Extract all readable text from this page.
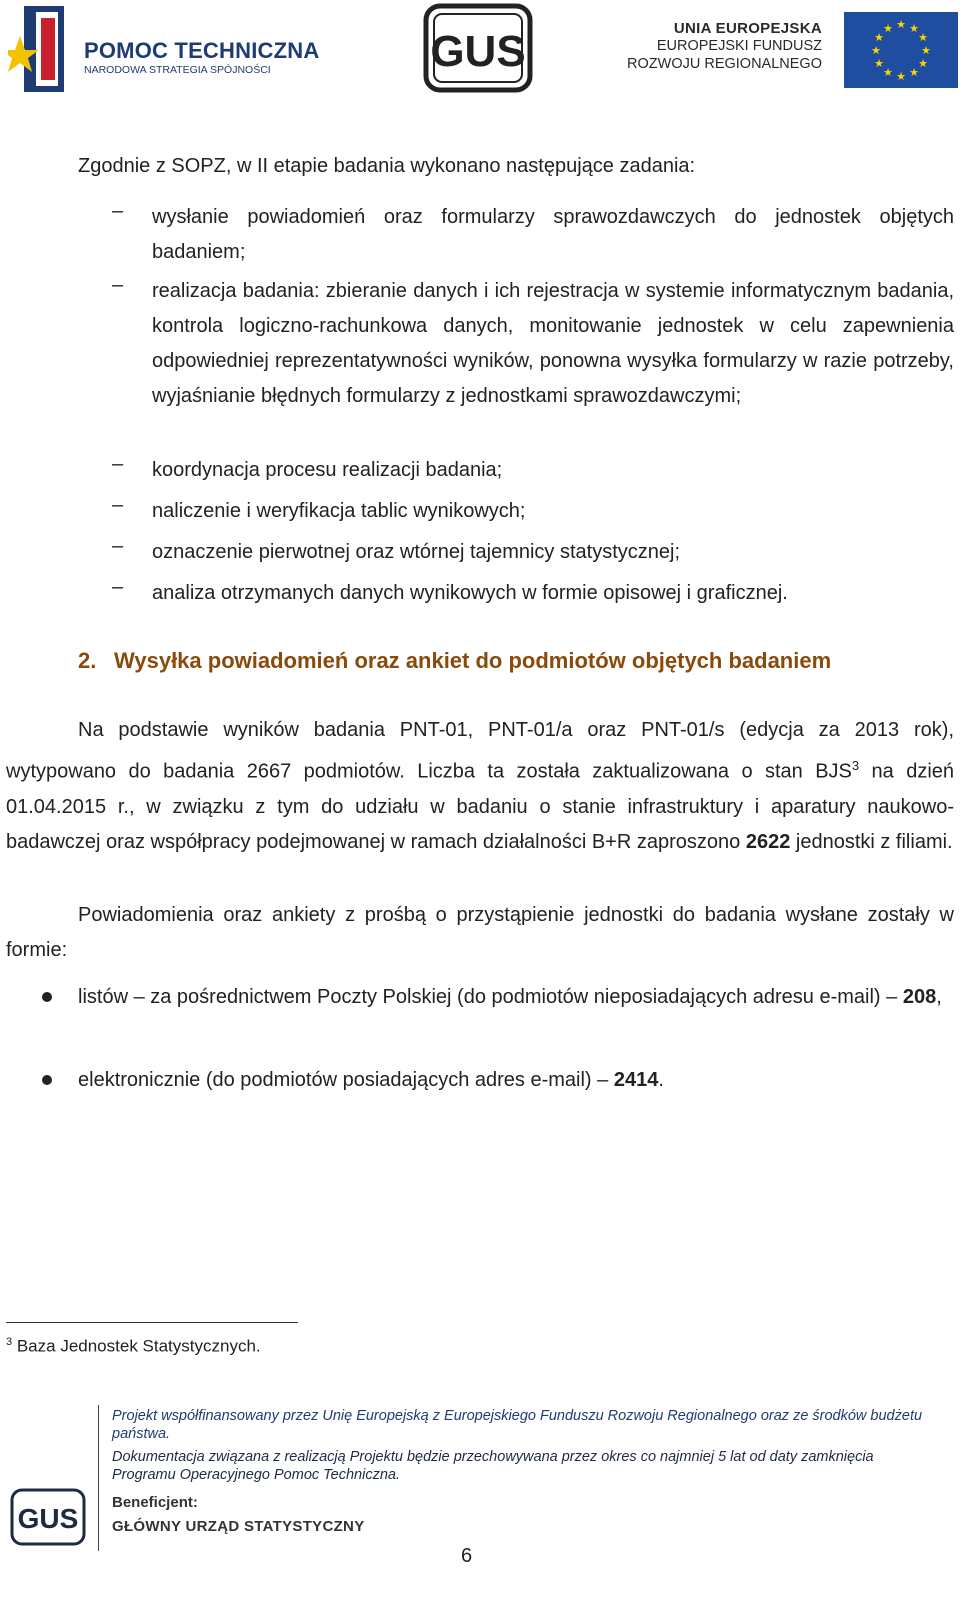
POMOC TECHNICZNA
NARODOWA STRATEGIA SPÓJNOŚCI	GUS	UNIA EUROPEJSKA
EUROPEJSKI FUNDUSZ
ROZWOJU REGIONALNEGO
★ ★
★
★
★
★
★
★
★
★
★
★
Zgodnie z SOPZ, w II etapie badania wykonano następujące zadania:
‒ wysłanie powiadomień oraz formularzy sprawozdawczych do jednostek objętych badaniem;
‒ realizacja badania: zbieranie danych i ich rejestracja w systemie informatycznym badania, kontrola logiczno-rachunkowa danych, monitowanie jednostek w celu zapewnienia odpowiedniej reprezentatywności wyników, ponowna wysyłka formularzy w razie potrzeby, wyjaśnianie błędnych formularzy z jednostkami sprawozdawczymi;
‒ koordynacja procesu realizacji badania;
‒ naliczenie i weryfikacja tablic wynikowych;
‒ oznaczenie pierwotnej oraz wtórnej tajemnicy statystycznej;
‒ analiza otrzymanych danych wynikowych w formie opisowej i graficznej.
2. Wysyłka powiadomień oraz ankiet do podmiotów objętych badaniem
Na podstawie wyników badania PNT-01, PNT-01/a oraz PNT-01/s (edycja za 2013 rok), wytypowano do badania 2667 podmiotów. Liczba ta została zaktualizowana o stan BJS$^3$ na dzień 01.04.2015 r., w związku z tym do udziału w badaniu o stanie infrastruktury i aparatury naukowo-badawczej oraz współpracy podejmowanej w ramach działalności B+R zaproszono 2622 jednostki z filiami.
Powiadomienia oraz ankiety z prośbą o przystąpienie jednostki do badania wysłane zostały w formie:
listów – za pośrednictwem Poczty Polskiej (do podmiotów nieposiadających adresu e-mail) – 208,
elektronicznie (do podmiotów posiadających adres e-mail) – 2414.
$^3$ Baza Jednostek Statystycznych.
Projekt współfinansowany przez Unię Europejską z Europejskiego Funduszu Rozwoju Regionalnego oraz ze środków budżetu państwa.
Dokumentacja związana z realizacją Projektu będzie przechowywana przez okres co najmniej 5 lat od daty zamknięcia Programu Operacyjnego Pomoc Techniczna.
GUS
Beneficjent:
GŁÓWNY URZĄD STATYSTYCZNY
6
